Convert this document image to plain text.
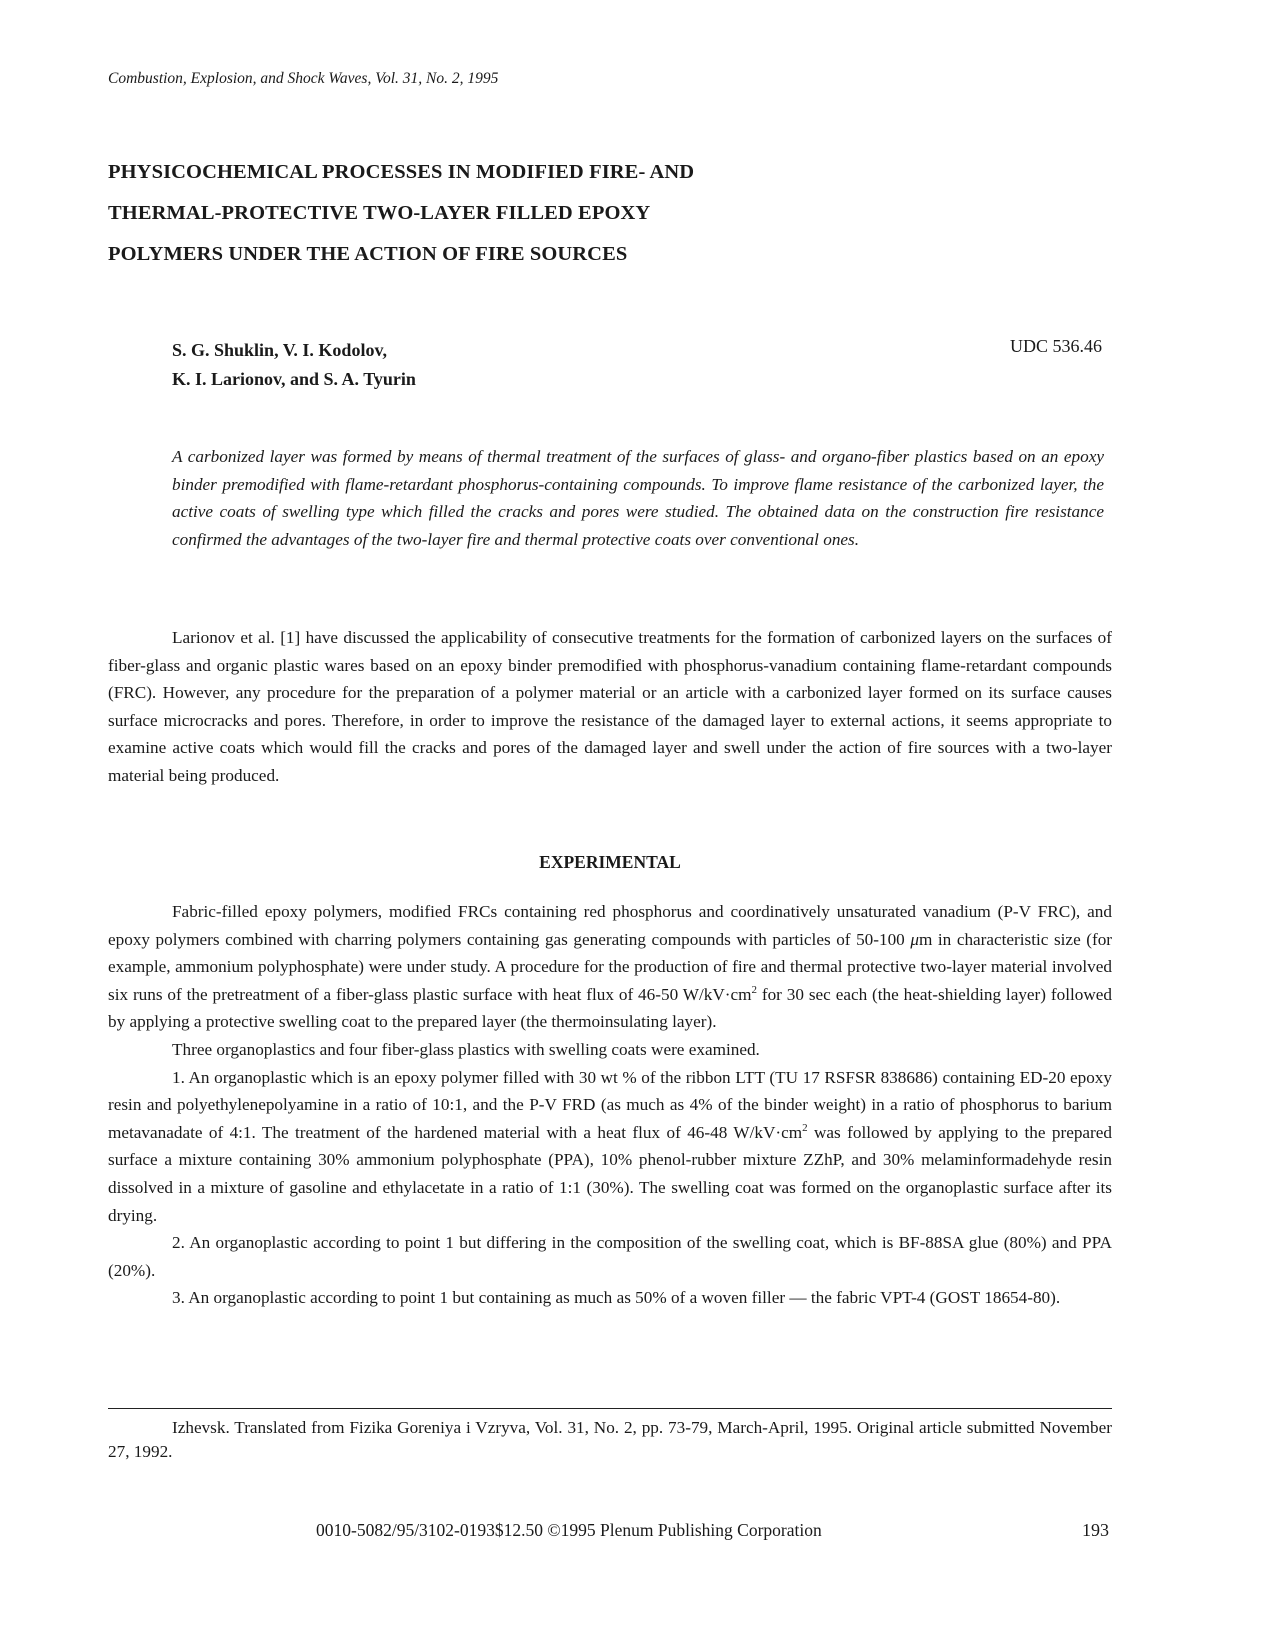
Combustion, Explosion, and Shock Waves, Vol. 31, No. 2, 1995
PHYSICOCHEMICAL PROCESSES IN MODIFIED FIRE- AND
THERMAL-PROTECTIVE TWO-LAYER FILLED EPOXY
POLYMERS UNDER THE ACTION OF FIRE SOURCES
S. G. Shuklin, V. I. Kodolov,
K. I. Larionov, and S. A. Tyurin
UDC 536.46
A carbonized layer was formed by means of thermal treatment of the surfaces of glass- and organo-fiber plastics based on an epoxy binder premodified with flame-retardant phosphorus-containing compounds. To improve flame resistance of the carbonized layer, the active coats of swelling type which filled the cracks and pores were studied. The obtained data on the construction fire resistance confirmed the advantages of the two-layer fire and thermal protective coats over conventional ones.

Larionov et al. [1] have discussed the applicability of consecutive treatments for the formation of carbonized layers on the surfaces of fiber-glass and organic plastic wares based on an epoxy binder premodified with phosphorus-vanadium containing flame-retardant compounds (FRC). However, any procedure for the preparation of a polymer material or an article with a carbonized layer formed on its surface causes surface microcracks and pores. Therefore, in order to improve the resistance of the damaged layer to external actions, it seems appropriate to examine active coats which would fill the cracks and pores of the damaged layer and swell under the action of fire sources with a two-layer material being produced.

EXPERIMENTAL

Fabric-filled epoxy polymers, modified FRCs containing red phosphorus and coordinatively unsaturated vanadium (P-V FRC), and epoxy polymers combined with charring polymers containing gas generating compounds with particles of 50-100 μm in characteristic size (for example, ammonium polyphosphate) were under study. A procedure for the production of fire and thermal protective two-layer material involved six runs of the pretreatment of a fiber-glass plastic surface with heat flux of 46-50 $W/kV\cdot cm^2$ for 30 sec each (the heat-shielding layer) followed by applying a protective swelling coat to the prepared layer (the thermoinsulating layer).

Three organoplastics and four fiber-glass plastics with swelling coats were examined.

1. An organoplastic which is an epoxy polymer filled with 30 wt % of the ribbon LTT (TU 17 RSFSR 838686) containing ED-20 epoxy resin and polyethylenepolyamine in a ratio of 10:1, and the P-V FRD (as much as 4% of the binder weight) in a ratio of phosphorus to barium metavanadate of 4:1. The treatment of the hardened material with a heat flux of 46-48 $W/kV\cdot cm^2$ was followed by applying to the prepared surface a mixture containing 30% ammonium polyphosphate (PPA), 10% phenol-rubber mixture ZZhP, and 30% melaminformadehyde resin dissolved in a mixture of gasoline and ethylacetate in a ratio of 1:1 (30%). The swelling coat was formed on the organoplastic surface after its drying.

2. An organoplastic according to point 1 but differing in the composition of the swelling coat, which is BF-88SA glue (80%) and PPA (20%).

3. An organoplastic according to point 1 but containing as much as 50% of a woven filler — the fabric VPT-4 (GOST 18654-80).

Izhevsk. Translated from Fizika Goreniya i Vzryva, Vol. 31, No. 2, pp. 73-79, March-April, 1995. Original article submitted November 27, 1992.
0010-5082/95/3102-0193$12.50 ©1995 Plenum Publishing Corporation	193
